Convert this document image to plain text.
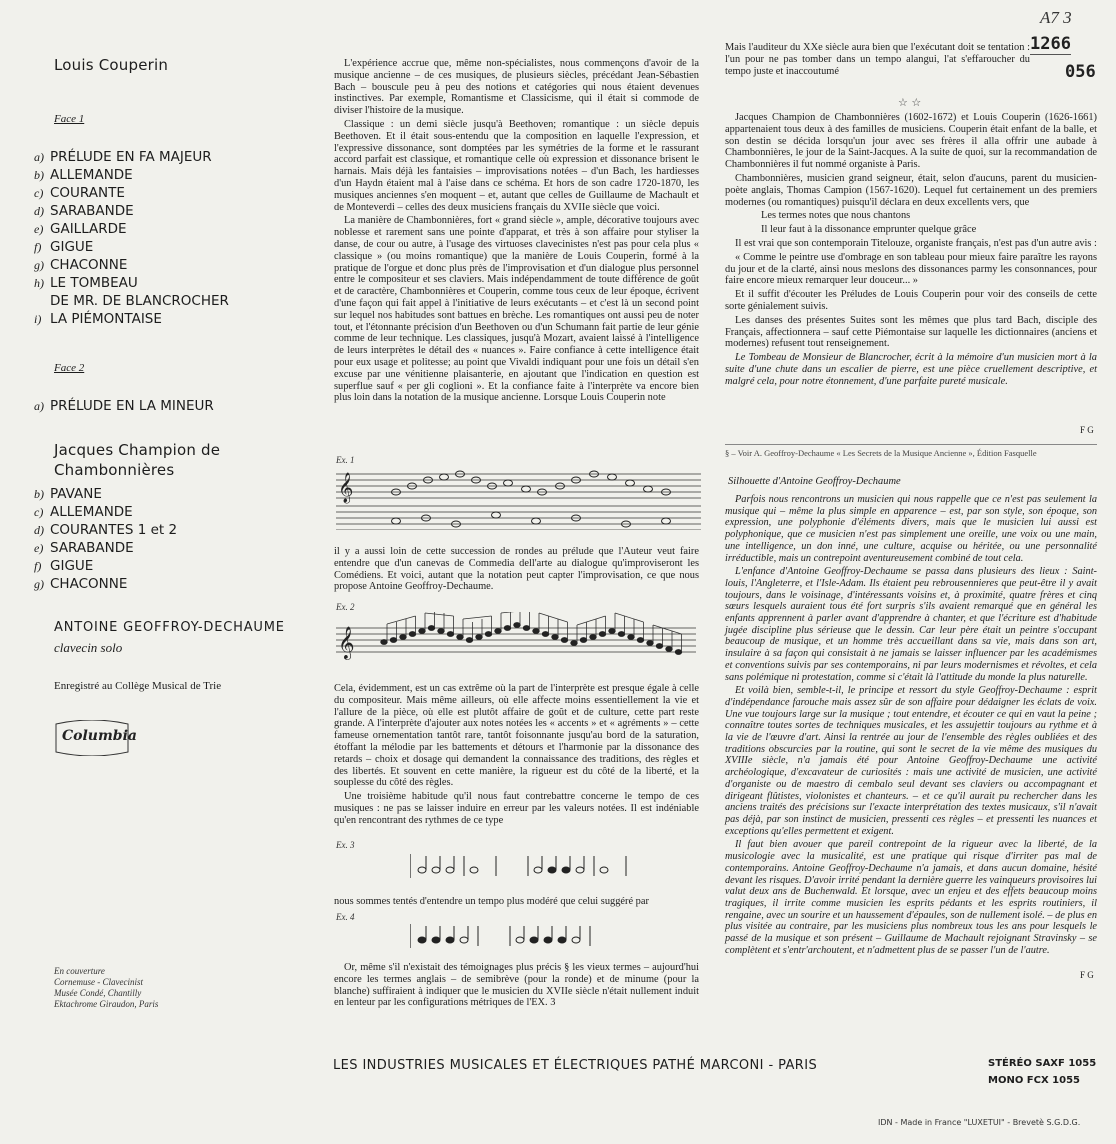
A7 3
1266
056
Louis Couperin
Face 1
a) PRÉLUDE EN FA MAJEUR
b) ALLEMANDE
c) COURANTE
d) SARABANDE
e) GAILLARDE
f) GIGUE
g) CHACONNE
h) LE TOMBEAU
DE MR. DE BLANCROCHER
i) LA PIÉMONTAISE
Face 2
a) PRÉLUDE EN LA MINEUR
Jacques Champion de
Chambonnières
b) PAVANE
c) ALLEMANDE
d) COURANTES 1 et 2
e) SARABANDE
f) GIGUE
g) CHACONNE
ANTOINE GEOFFROY-DECHAUME
clavecin solo
Enregistré au Collège Musical de Trie
Columbia
En couverture
Cornemuse - Clavecinist
Musée Condé, Chantilly
Ektachrome Giraudon, Paris

L'expérience accrue que, même non-spécialistes, nous commençons d'avoir de la musique ancienne – de ces musiques, de plusieurs siècles, précédant Jean-Sébastien Bach – bouscule peu à peu des notions et catégories qui nous étaient devenues instinctives. Par exemple, Romantisme et Classicisme, qui il était si commode de diviser l'histoire de la musique.

Classique : un demi siècle jusqu'à Beethoven; romantique : un siècle depuis Beethoven. Et il était sous-entendu que la composition en laquelle l'expression, et l'expressive dissonance, sont domptées par les symétries de la forme et le rassurant accord parfait est classique, et romantique celle où expression et dissonance brisent le harnais. Mais déjà les fantaisies – improvisations notées – d'un Bach, les hardiesses d'un Haydn étaient mal à l'aise dans ce schéma. Et hors de son cadre 1720-1870, les musiques anciennes s'en moquent – et, autant que celles de Guillaume de Machault et de Monteverdi – celles des deux musiciens français du XVIIe siècle que voici.

La manière de Chambonnières, fort « grand siècle », ample, décorative toujours avec noblesse et rarement sans une pointe d'apparat, et très à son affaire pour styliser la danse, de cour ou autre, à l'usage des virtuoses clavecinistes n'est pas pour cela plus « classique » (ou moins romantique) que la manière de Louis Couperin, formé à la pratique de l'orgue et donc plus près de l'improvisation et d'un dialogue plus personnel entre le compositeur et ses claviers. Mais indépendamment de toute différence de goût et de caractère, Chambonnières et Couperin, comme tous ceux de leur époque, écrivent d'une façon qui fait appel à l'initiative de leurs exécutants – et c'est là un second point sur lequel nos habitudes sont battues en brèche. Les romantiques ont aussi peu de noter tout, et l'étonnante précision d'un Beethoven ou d'un Schumann fait partie de leur génie comme de leur technique. Les classiques, jusqu'à Mozart, avaient laissé à l'intelligence de leurs interprètes le détail des « nuances ». Faire confiance à cette intelligence était pour eux usage et politesse; au point que Vivaldi indiquant pour une fois un détail s'en excuse par une vénitienne plaisanterie, en ajoutant que l'indication en question est superflue sauf « per gli coglioni ». Et la confiance faite à l'interprète va encore bien plus loin dans la notation de la musique ancienne. Lorsque Louis Couperin note

Ex. 1
𝄞

il y a aussi loin de cette succession de rondes au prélude que l'Auteur veut faire entendre que d'un canevas de Commedia dell'arte au dialogue qu'improviseront les Comédiens. Et voici, autant que la notation peut capter l'improvisation, ce que nous propose Antoine Geoffroy-Dechaume.

Ex. 2
𝄞

Cela, évidemment, est un cas extrême où la part de l'interprète est presque égale à celle du compositeur. Mais même ailleurs, où elle affecte moins essentiellement la vie et l'allure de la pièce, où elle est plutôt affaire de goût et de culture, cette part reste grande. A l'interprète d'ajouter aux notes notées les « accents » et « agréments » – cette fameuse ornementation tantôt rare, tantôt foisonnante jusqu'au bord de la saturation, étoffant la mélodie par les battements et détours et l'harmonie par la dissonance des retards – choix et dosage qui demandent la connaissance des traditions, des règles et des libertés. Et souvent en cette manière, la rigueur est du côté de la liberté, et la souplesse du côté des règles.

Une troisième habitude qu'il nous faut contrebattre concerne le tempo de ces musiques : ne pas se laisser induire en erreur par les valeurs notées. Il est indéniable qu'en rencontrant des rythmes de ce type

Ex. 3

nous sommes tentés d'entendre un tempo plus modéré que celui suggéré par

Ex. 4

Or, même s'il n'existait des témoignages plus précis § les vieux termes – aujourd'hui encore les termes anglais – de semibrève (pour la ronde) et de minume (pour la blanche) suffiraient à indiquer que le musicien du XVIIe siècle n'était nullement induit en lenteur par les configurations métriques de l'EX. 3

Mais l'auditeur du XXe siècle aura bien que l'exécutant doit se tentation : l'un pour ne pas tomber dans un tempo alangui, l'at s'effaroucher du tempo juste et inaccoutumé

☆ ☆

Jacques Champion de Chambonnières (1602-1672) et Louis Couperin (1626-1661) appartenaient tous deux à des familles de musiciens. Couperin était enfant de la balle, et son destin se décida lorsqu'un jour avec ses frères il alla offrir une aubade à Chambonnières, le jour de la Saint-Jacques. A la suite de quoi, sur la recommandation de Chambonnières il fut nommé organiste à Paris.

Chambonnières, musicien grand seigneur, était, selon d'aucuns, parent du musicien-poète anglais, Thomas Campion (1567-1620). Lequel fut certainement un des premiers modernes (ou romantiques) puisqu'il déclara en deux excellents vers, que

Les termes notes que nous chantons

Il leur faut à la dissonance emprunter quelque grâce

Il est vrai que son contemporain Titelouze, organiste français, n'est pas d'un autre avis :

« Comme le peintre use d'ombrage en son tableau pour mieux faire paraître les rayons du jour et de la clarté, ainsi nous meslons des dissonances parmy les consonnances, pour faire encore mieux remarquer leur douceur... »

Et il suffit d'écouter les Préludes de Louis Couperin pour voir des conseils de cette sorte génialement suivis.

Les danses des présentes Suites sont les mêmes que plus tard Bach, disciple des Français, affectionnera – sauf cette Piémontaise sur laquelle les dictionnaires (anciens et modernes) refusent tout renseignement.

Le Tombeau de Monsieur de Blancrocher, écrit à la mémoire d'un musicien mort à la suite d'une chute dans un escalier de pierre, est une pièce cruellement descriptive, et malgré cela, pour notre étonnement, d'une parfaite pureté musicale.

F G
§ – Voir A. Geoffroy-Dechaume « Les Secrets de la Musique Ancienne », Édition Fasquelle
Silhouette d'Antoine Geoffroy-Dechaume

Parfois nous rencontrons un musicien qui nous rappelle que ce n'est pas seulement la musique qui – même la plus simple en apparence – est, par son style, son époque, son expression, une polyphonie d'éléments divers, mais que le musicien lui aussi est polyphonique, que ce musicien n'est pas simplement une oreille, une voix ou une main, une intelligence, un don inné, une culture, acquise ou héritée, ou une personnalité irréductible, mais un contrepoint aventureusement combiné de tout cela.

L'enfance d'Antoine Geoffroy-Dechaume se passa dans plusieurs des lieux : Saint-louis, l'Angleterre, et l'Isle-Adam. Ils étaient peu rebrousennieres que peut-être il y avait toujours, dans le voisinage, d'intéressants voisins et, à proximité, quatre frères et cinq sœurs lesquels auraient tous été fort surpris s'ils avaient remarqué que en général les enfants apprennent à parler avant d'apprendre à chanter, et que l'écriture est d'habitude jugée discipline plus sérieuse que le dessin. Car leur père était un peintre s'occupant beaucoup de musique, et un homme très accueillant dans sa vie, mais dans son art, insulaire à sa façon qui consistait à ne jamais se laisser influencer par les académismes et conventions suivis par ses contemporains, ni par leurs modernismes et révoltes, et cela sans polémique ni protestation, comme si c'était là l'attitude du monde la plus naturelle.

Et voilà bien, semble-t-il, le principe et ressort du style Geoffroy-Dechaume : esprit d'indépendance farouche mais assez sûr de son affaire pour dédaigner les éclats de voix. Une vue toujours large sur la musique ; tout entendre, et écouter ce qui en vaut la peine ; connaître toutes sortes de techniques musicales, et les assujettir toujours au rythme et à la vie de l'œuvre d'art. Ainsi la rentrée au jour de l'ensemble des règles oubliées et des traditions obscurcies par la routine, qui sont le secret de la vie même des musiques du XVIIIe siècle, n'a jamais été pour Antoine Geoffroy-Dechaume une activité archéologique, d'excavateur de curiosités : mais une activité de musicien, une activité d'organiste ou de maestro di cembalo seul devant ses claviers ou accompagnant et dirigeant flûtistes, violonistes et chanteurs. – et ce qu'il aurait pu rechercher dans les anciens traités des précisions sur l'exacte interprétation des textes musicaux, s'il n'avait pas déjà, par son instinct de musicien, pressenti ces règles – et pressenti les nuances et exceptions qu'elles permettent et exigent.

Il faut bien avouer que pareil contrepoint de la rigueur avec la liberté, de la musicologie avec la musicalité, est une pratique qui risque d'irriter pas mal de contemporains. Antoine Geoffroy-Dechaume n'a jamais, et dans aucun domaine, hésité devant les risques. D'avoir irrité pendant la dernière guerre les vainqueurs provisoires lui valut deux ans de Buchenwald. Et lorsque, avec un enjeu et des effets beaucoup moins tragiques, il irrite comme musicien les esprits pédants et les esprits routiniers, il rengaine, avec un sourire et un haussement d'épaules, son de nullement isolé. – de plus en plus visitée au contraire, par les musiciens plus nombreux tous les ans pour lesquels le passé de la musique et son présent – Guillaume de Machault rejoignant Stravinsky – se complètent et s'entr'archoutent, et n'admettent plus de se passer l'un de l'autre.

F G
LES INDUSTRIES MUSICALES ET ÉLECTRIQUES PATHÉ MARCONI - PARIS	STÉRÉO SAXF 1055
MONO FCX 1055
IDN - Made in France "LUXETUI" - Brevetè S.G.D.G.
